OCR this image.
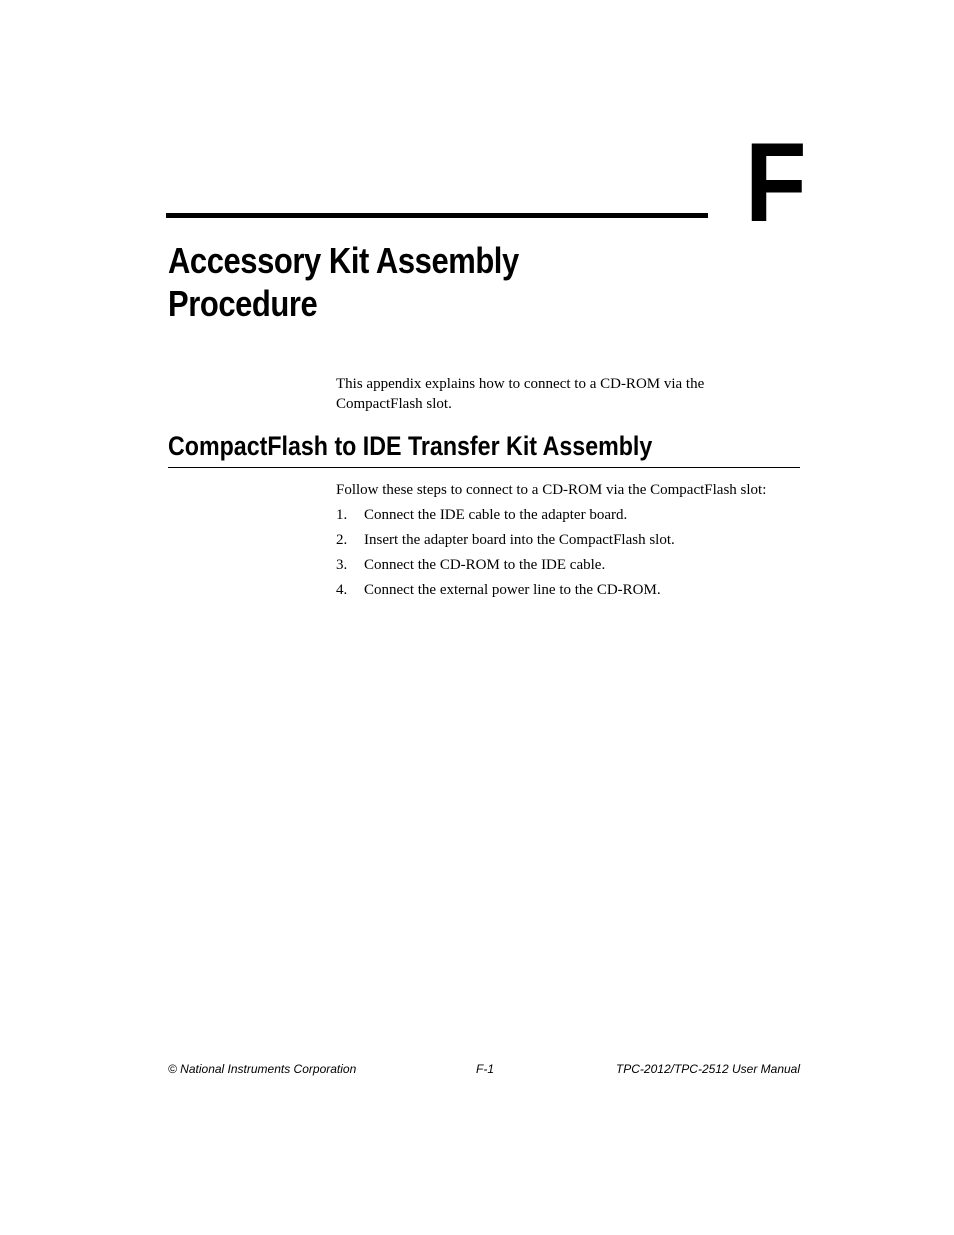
F
Accessory Kit Assembly
Procedure

This appendix explains how to connect to a CD-ROM via the
CompactFlash slot.

CompactFlash to IDE Transfer Kit Assembly

Follow these steps to connect to a CD-ROM via the CompactFlash slot:

1. Connect the IDE cable to the adapter board.
2. Insert the adapter board into the CompactFlash slot.
3. Connect the CD-ROM to the IDE cable.
4. Connect the external power line to the CD-ROM.
© National Instruments Corporation	F-1	TPC-2012/TPC-2512 User Manual
